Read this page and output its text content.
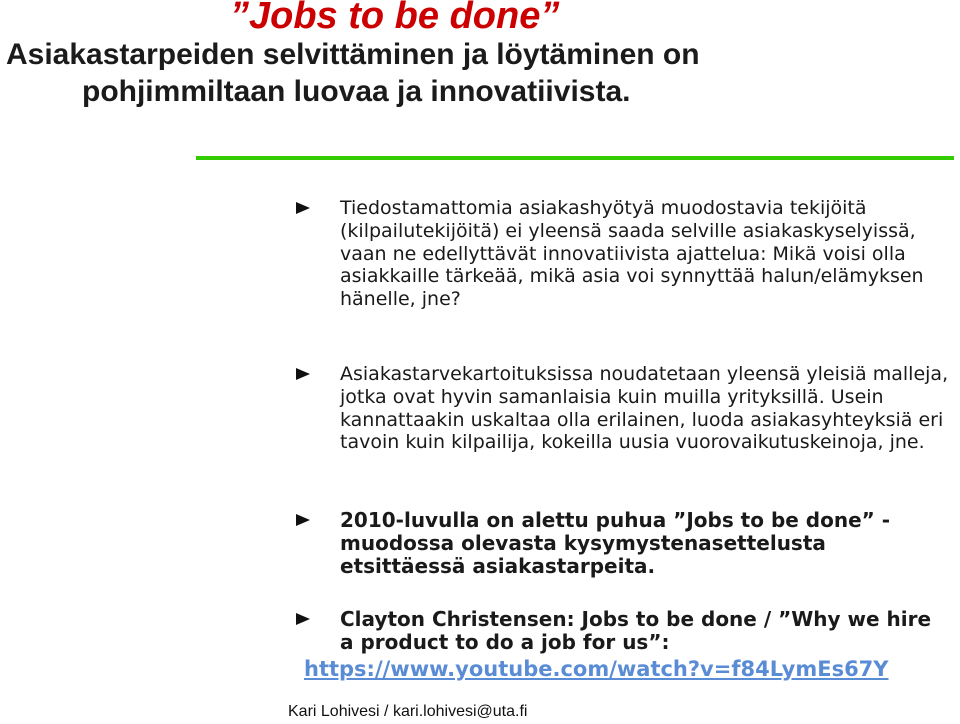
”Jobs to be done”

Asiakastarpeiden selvittäminen ja löytäminen on
pohjimmiltaan luovaa ja innovatiivista.

Tiedostamattomia asiakashyötyä muodostavia tekijöitä (kilpailutekijöitä) ei yleensä saada selville asiakaskyselyissä, vaan ne edellyttävät innovatiivista ajattelua: Mikä voisi olla asiakkaille tärkeää, mikä asia voi synnyttää halun/elämyksen hänelle, jne?

Asiakastarvekartoituksissa noudatetaan yleensä yleisiä malleja, jotka ovat hyvin samanlaisia kuin muilla yrityksillä. Usein kannattaakin uskaltaa olla erilainen, luoda asiakasyhteyksiä eri tavoin kuin kilpailija, kokeilla uusia vuorovaikutuskeinoja, jne.

2010-luvulla on alettu puhua ”Jobs to be done” -muodossa olevasta kysymystenasettelusta etsittäessä asiakastarpeita.

Clayton Christensen: Jobs to be done / ”Why we hire a product to do a job for us”:

https://www.youtube.com/watch?v=f84LymEs67Y
Kari Lohivesi / kari.lohivesi@uta.fi
